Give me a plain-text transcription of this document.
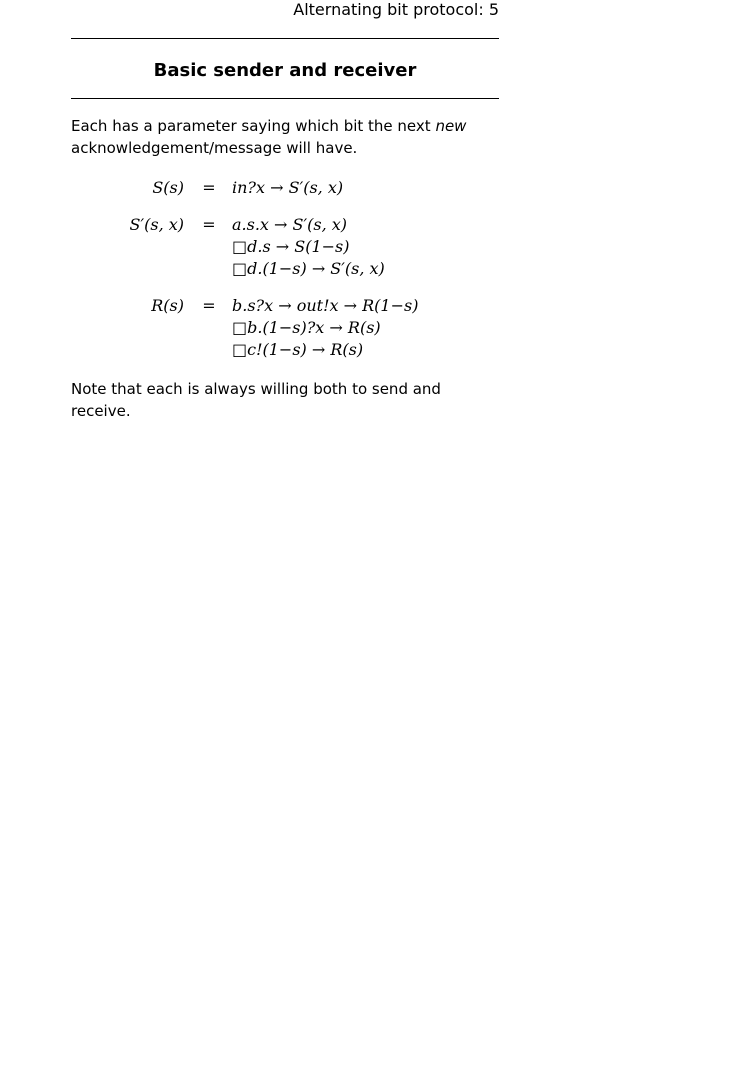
Alternating bit protocol: 5
Basic sender and receiver
Each has a parameter saying which bit the next new
acknowledgement/message will have.
S(s) = in?x → S′(s, x)
S′(s, x) = a.s.x → S′(s, x)
□d.s → S(1−s)
□d.(1−s) → S′(s, x)
R(s) = b.s?x → out!x → R(1−s)
□b.(1−s)?x → R(s)
□c!(1−s) → R(s)
Note that each is always willing both to send and receive.
